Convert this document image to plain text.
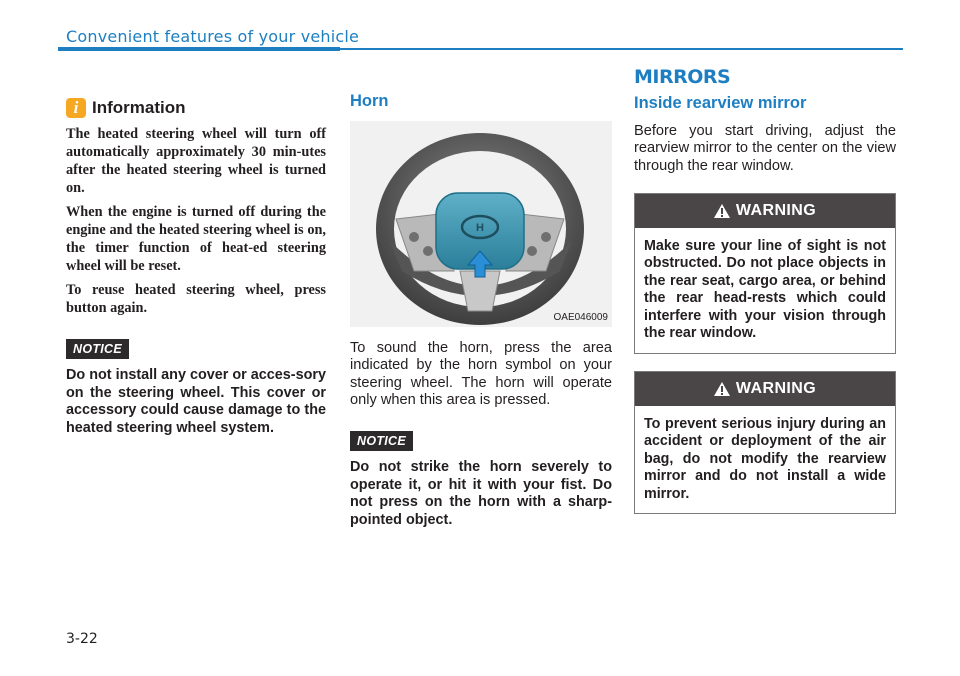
Convenient features of your vehicle
i Information

The heated steering wheel will turn off automatically approximately 30 min-utes after the heated steering wheel is turned on.

When the engine is turned off during the engine and the heated steering wheel is on, the timer function of heat-ed steering wheel will be reset.

To reuse heated steering wheel, press button again.

NOTICE
Do not install any cover or acces-sory on the steering wheel. This cover or accessory could cause damage to the heated steering wheel system.
Horn
H
OAE046009
To sound the horn, press the area indicated by the horn symbol on your steering wheel. The horn will operate only when this area is pressed.
NOTICE
Do not strike the horn severely to operate it, or hit it with your fist. Do not press on the horn with a sharp-pointed object.
MIRRORS
Inside rearview mirror
Before you start driving, adjust the rearview mirror to the center on the view through the rear window.
WARNING
Make sure your line of sight is not obstructed. Do not place objects in the rear seat, cargo area, or behind the rear head-rests which could interfere with your vision through the rear window.
WARNING
To prevent serious injury during an accident or deployment of the air bag, do not modify the rearview mirror and do not install a wide mirror.
3-22
